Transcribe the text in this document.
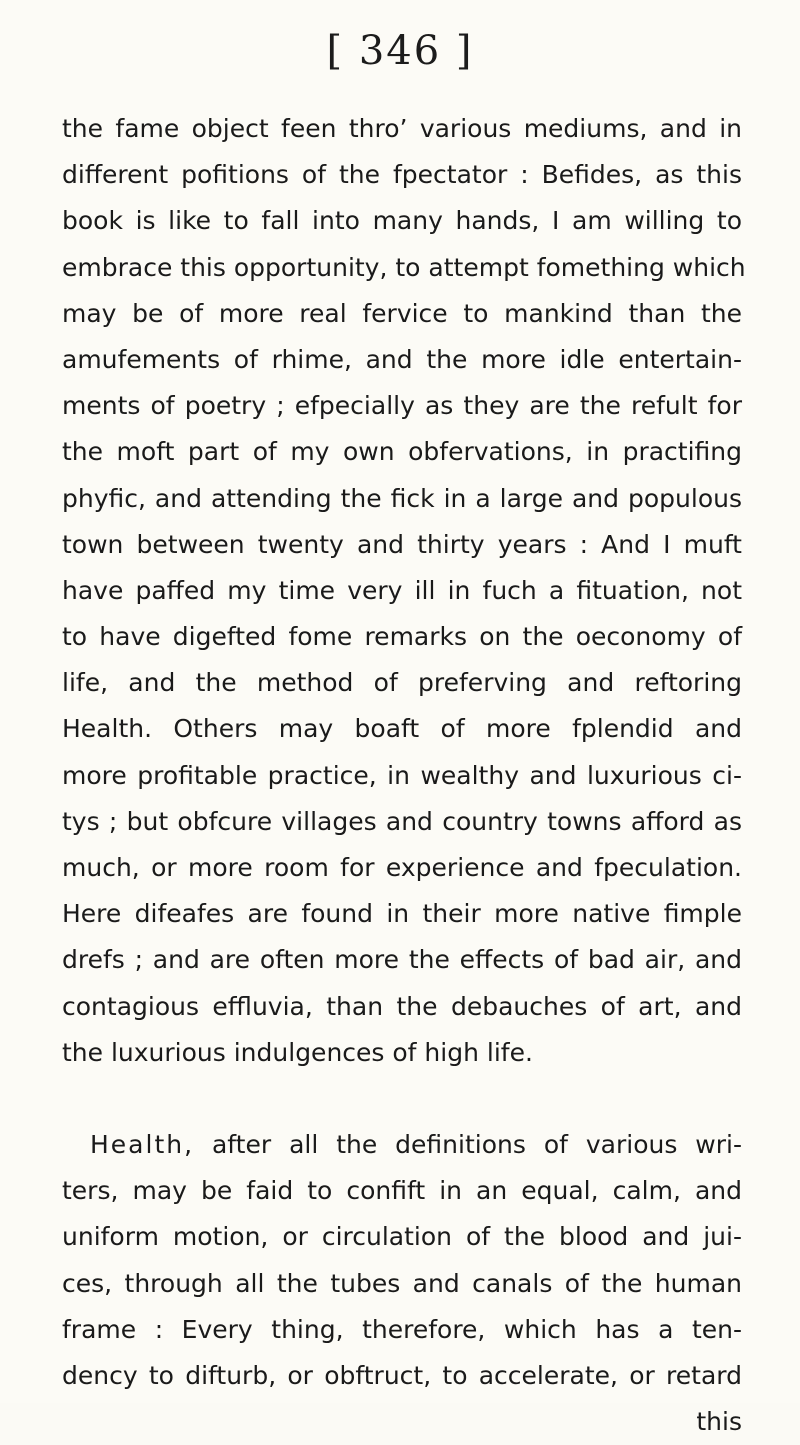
[ 346 ]
the fame object feen thro’ various mediums, and in
different pofitions of the fpectator : Befides, as this
book is like to fall into many hands, I am willing to
embrace this opportunity, to attempt fomething which
may be of more real fervice to mankind than the
amufements of rhime, and the more idle entertain-
ments of poetry ; efpecially as they are the refult for
the moft part of my own obfervations, in practifing
phyfic, and attending the fick in a large and populous
town between twenty and thirty years : And I muft
have paffed my time very ill in fuch a fituation, not
to have digefted fome remarks on the oeconomy of
life, and the method of preferving and reftoring
Health. Others may boaft of more fplendid and
more profitable practice, in wealthy and luxurious ci-
tys ; but obfcure villages and country towns afford as
much, or more room for experience and fpeculation.
Here difeafes are found in their more native fimple
drefs ; and are often more the effects of bad air, and
contagious effluvia, than the debauches of art, and
the luxurious indulgences of high life.
Health, after all the definitions of various wri-
ters, may be faid to confift in an equal, calm, and
uniform motion, or circulation of the blood and jui-
ces, through all the tubes and canals of the human
frame : Every thing, therefore, which has a ten-
dency to difturb, or obftruct, to accelerate, or retard
this
